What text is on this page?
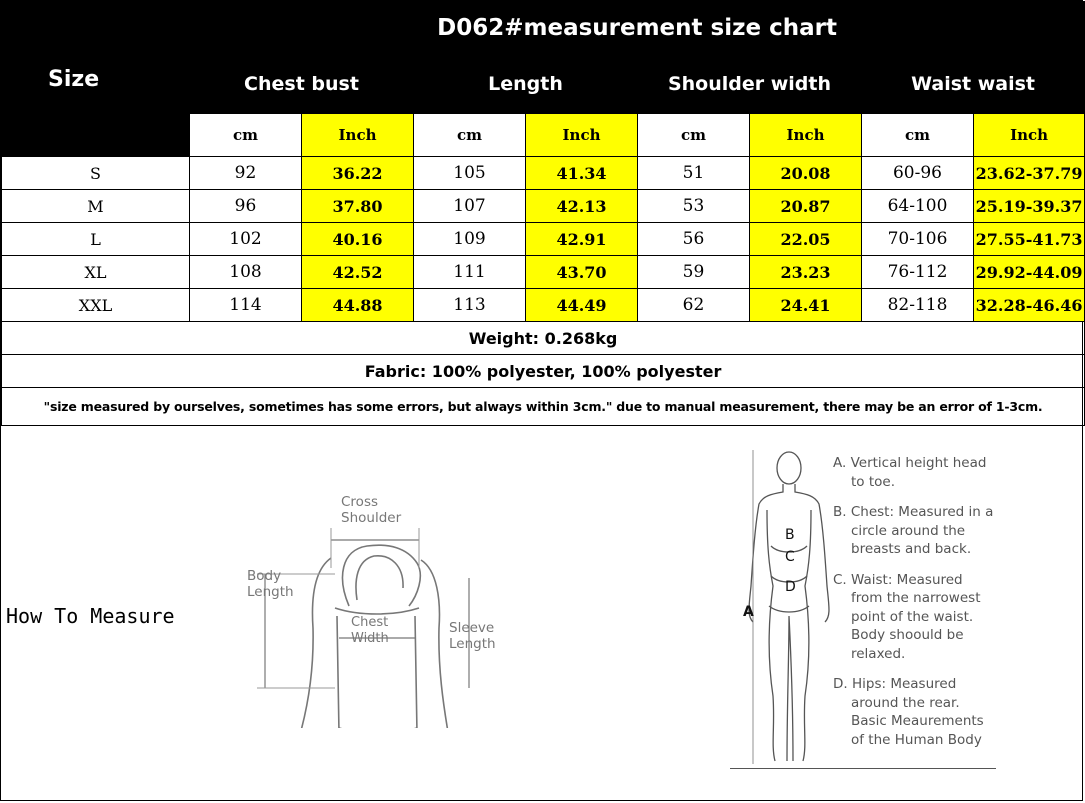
Size	D062#measurement size chart							
	Chest bust		Length		Shoulder width		Waist waist	
	cm	Inch	cm	Inch	cm	Inch	cm	Inch
S	92	36.22	105	41.34	51	20.08	60-96	23.62-37.79
M	96	37.80	107	42.13	53	20.87	64-100	25.19-39.37
L	102	40.16	109	42.91	56	22.05	70-106	27.55-41.73
XL	108	42.52	111	43.70	59	23.23	76-112	29.92-44.09
XXL	114	44.88	113	44.49	62	24.41	82-118	32.28-46.46
Weight: 0.268kg								
Fabric: 100% polyester, 100% polyester								
"size measured by ourselves, sometimes has some errors, but always within 3cm." due to manual measurement, there may be an error of 1-3cm.								
How To Measure
Cross
Shoulder
Body
Length
Chest
Width
Sleeve
Length
A
B
C
D
A. Vertical height head
to toe.
B. Chest: Measured in a
circle around the
breasts and back.
C. Waist: Measured
from the narrowest
point of the waist.
Body shoould be
relaxed.
D. Hips: Measured
around the rear.
Basic Meaurements
of the Human Body
